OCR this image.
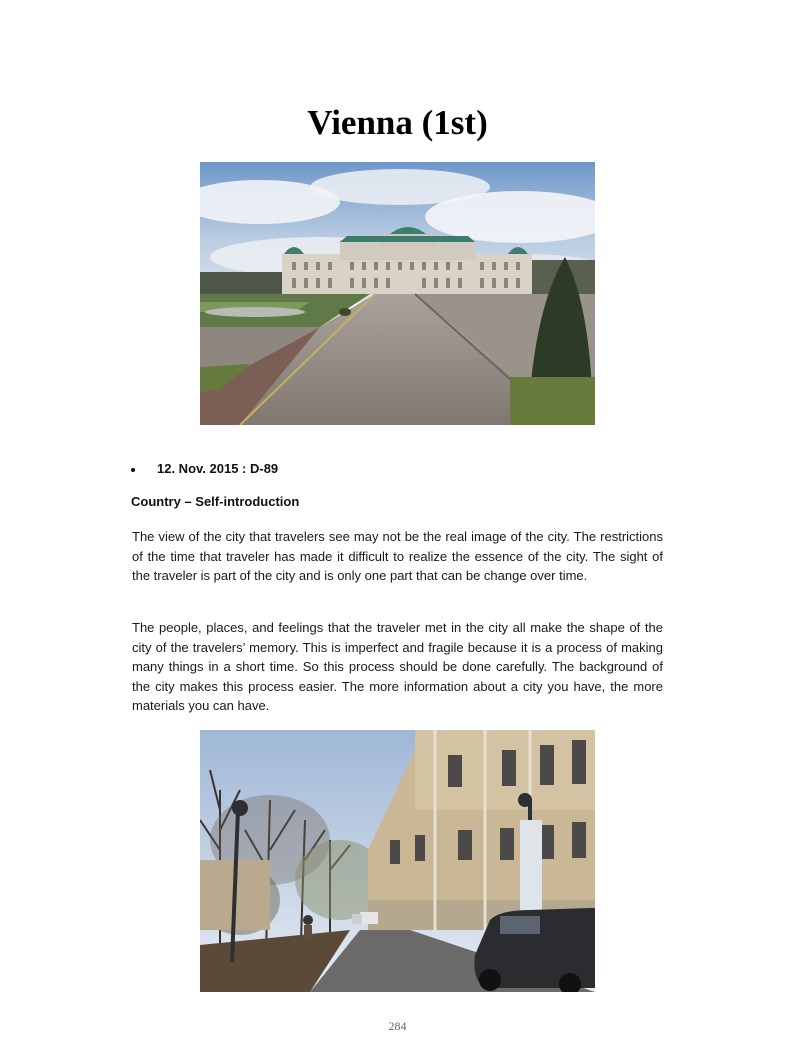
Vienna (1st)
12. Nov. 2015 : D-89
Country – Self-introduction
The view of the city that travelers see may not be the real image of the city. The restrictions of the time that traveler has made it difficult to realize the essence of the city. The sight of the traveler is part of the city and is only one part that can be change over time.
The people, places, and feelings that the traveler met in the city all make the shape of the city of the travelers’ memory. This is imperfect and fragile because it is a process of making many things in a short time. So this process should be done carefully. The background of the city makes this process easier. The more information about a city you have, the more materials you can have.
284
